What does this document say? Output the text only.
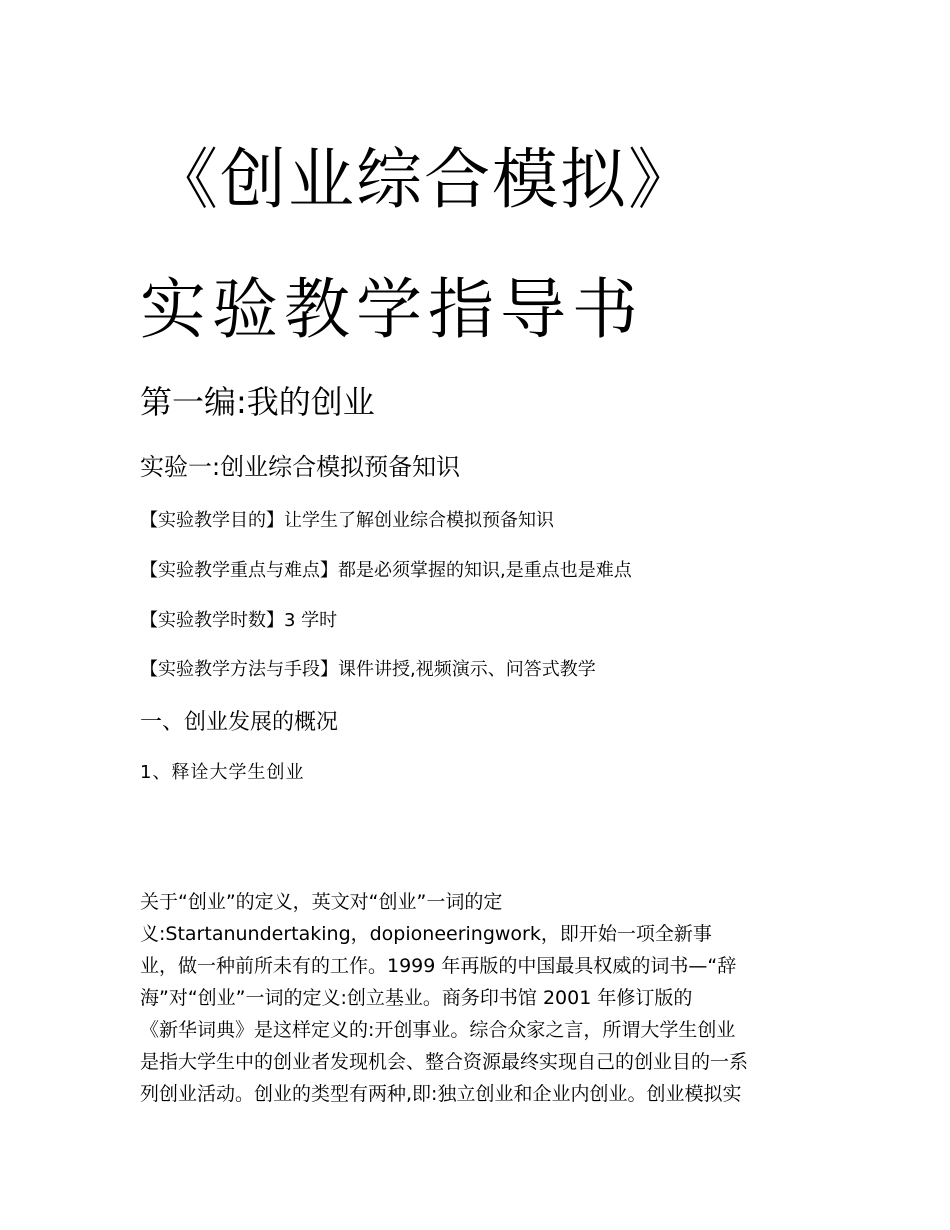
《创业综合模拟》
实验教学指导书
第一编:我的创业
实验一:创业综合模拟预备知识
【实验教学目的】让学生了解创业综合模拟预备知识
【实验教学重点与难点】都是必须掌握的知识,是重点也是难点
【实验教学时数】3 学时
【实验教学方法与手段】课件讲授,视频演示、问答式教学
一、创业发展的概况
1、释诠大学生创业
关于“创业”的定义，英文对“创业”一词的定
义:Startanundertaking，dopioneeringwork，即开始一项全新事
业，做一种前所未有的工作。1999 年再版的中国最具权威的词书—“辞
海”对“创业”一词的定义:创立基业。商务印书馆 2001 年修订版的
《新华词典》是这样定义的:开创事业。综合众家之言，所谓大学生创业
是指大学生中的创业者发现机会、整合资源最终实现自己的创业目的一系
列创业活动。创业的类型有两种,即:独立创业和企业内创业。创业模拟实
